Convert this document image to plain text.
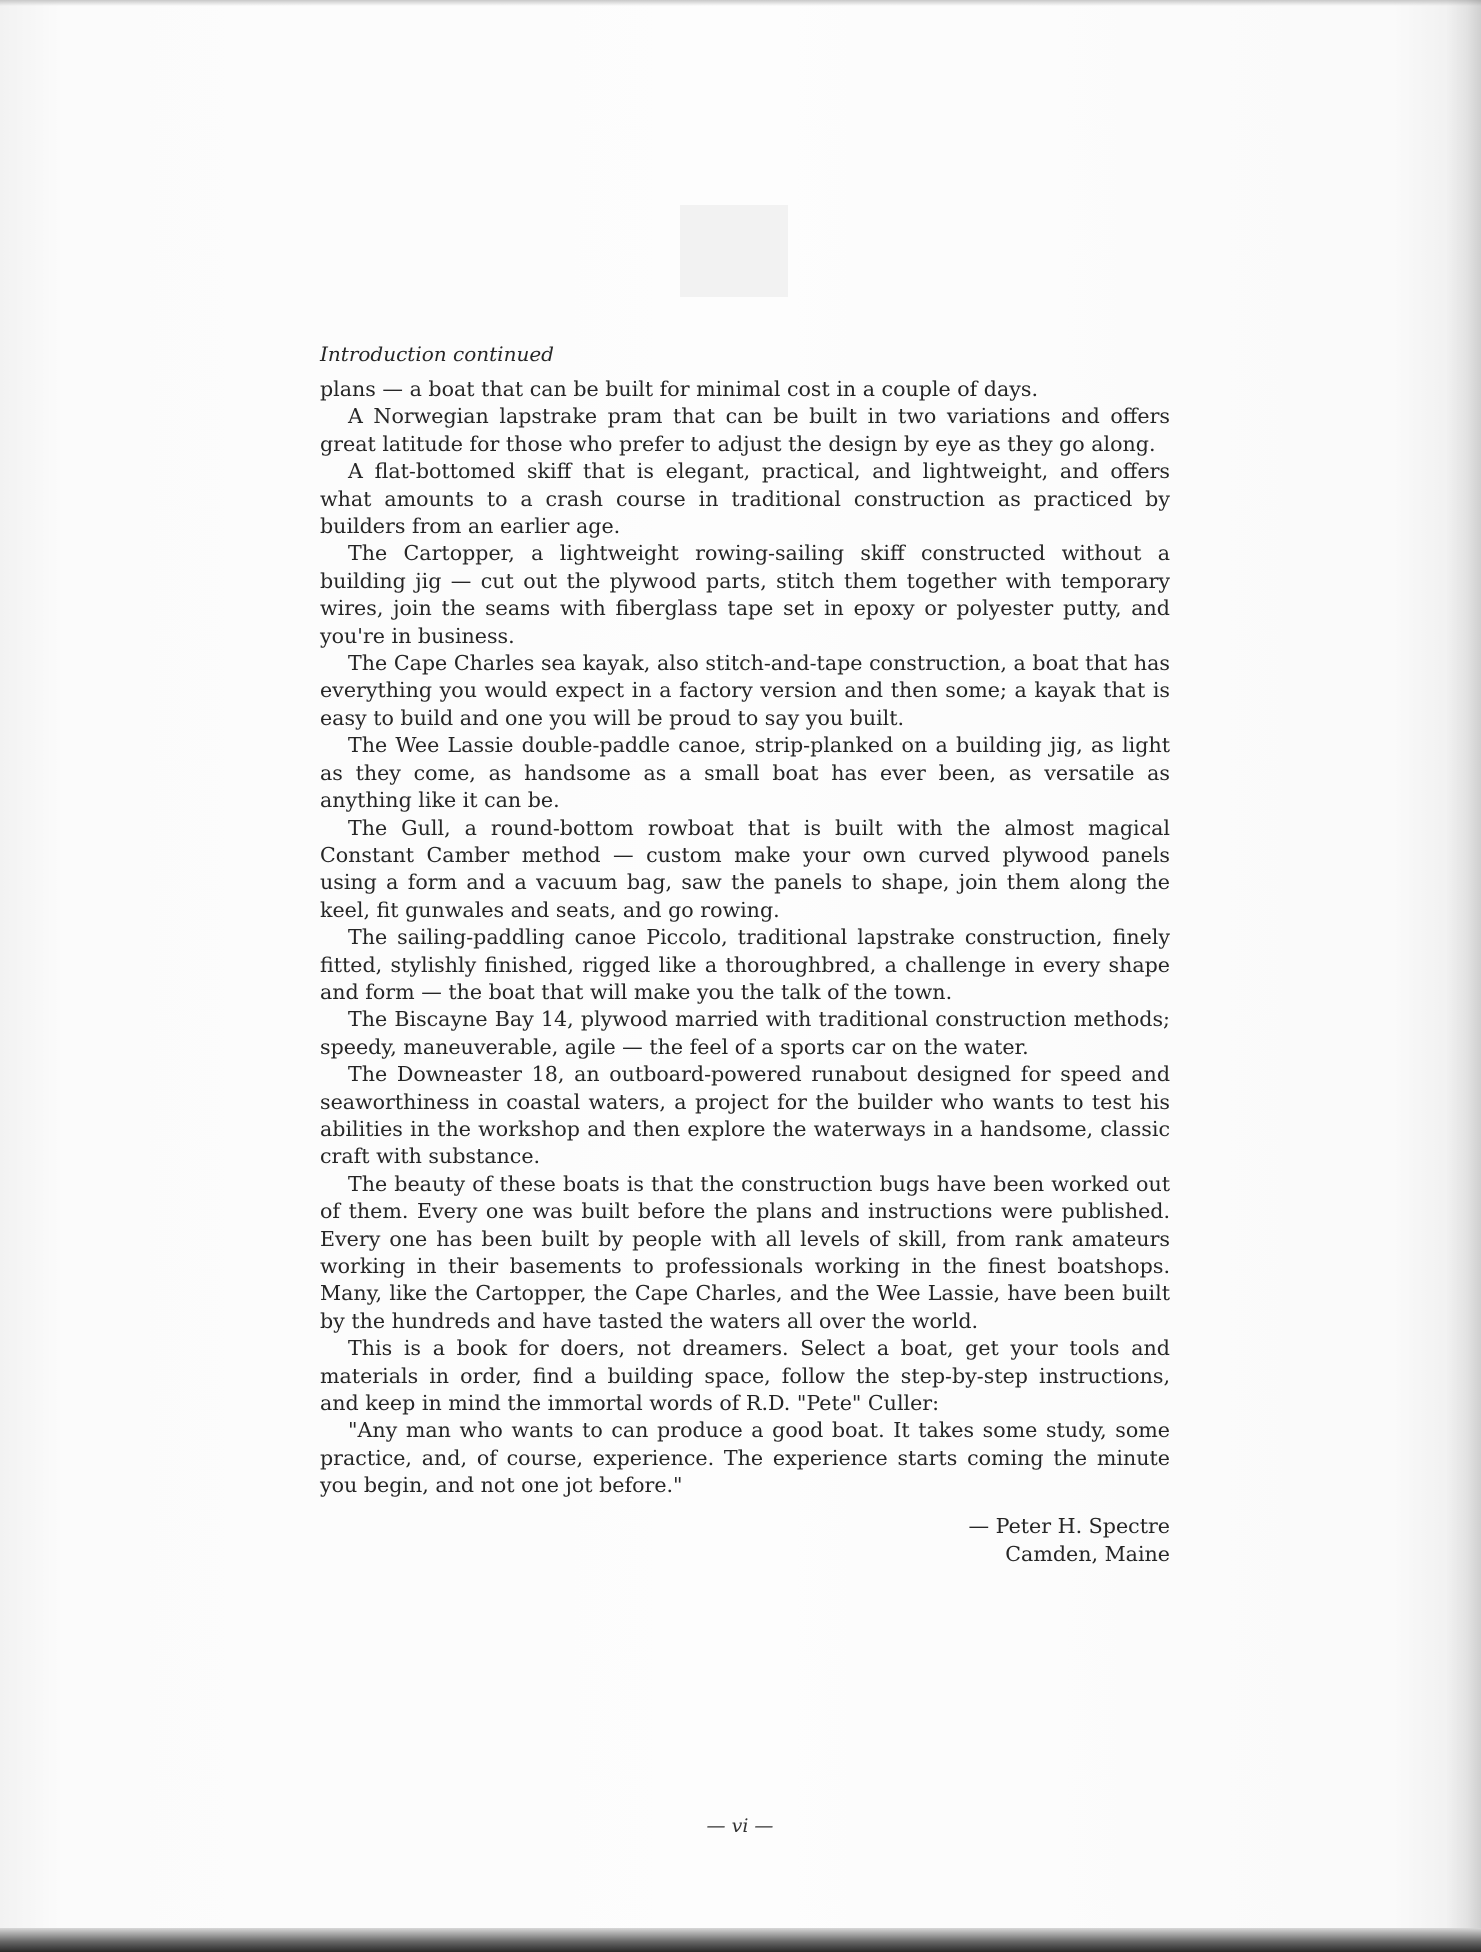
Introduction continued

plans — a boat that can be built for minimal cost in a couple of days.

A Norwegian lapstrake pram that can be built in two variations and offers great latitude for those who prefer to adjust the design by eye as they go along.

A flat-bottomed skiff that is elegant, practical, and lightweight, and offers what amounts to a crash course in traditional construction as practiced by builders from an earlier age.

The Cartopper, a lightweight rowing-sailing skiff constructed without a building jig — cut out the plywood parts, stitch them together with temporary wires, join the seams with fiberglass tape set in epoxy or polyester putty, and you're in business.

The Cape Charles sea kayak, also stitch-and-tape construction, a boat that has everything you would expect in a factory version and then some; a kayak that is easy to build and one you will be proud to say you built.

The Wee Lassie double-paddle canoe, strip-planked on a building jig, as light as they come, as handsome as a small boat has ever been, as versatile as anything like it can be.

The Gull, a round-bottom rowboat that is built with the almost magical Constant Camber method — custom make your own curved plywood panels using a form and a vacuum bag, saw the panels to shape, join them along the keel, fit gunwales and seats, and go rowing.

The sailing-paddling canoe Piccolo, traditional lapstrake construction, finely fitted, stylishly finished, rigged like a thoroughbred, a challenge in every shape and form — the boat that will make you the talk of the town.

The Biscayne Bay 14, plywood married with traditional construction methods; speedy, maneuverable, agile — the feel of a sports car on the water.

The Downeaster 18, an outboard-powered runabout designed for speed and seaworthiness in coastal waters, a project for the builder who wants to test his abilities in the workshop and then explore the waterways in a handsome, classic craft with substance.

The beauty of these boats is that the construction bugs have been worked out of them. Every one was built before the plans and instructions were published. Every one has been built by people with all levels of skill, from rank amateurs working in their basements to professionals working in the finest boatshops. Many, like the Cartopper, the Cape Charles, and the Wee Lassie, have been built by the hundreds and have tasted the waters all over the world.

This is a book for doers, not dreamers. Select a boat, get your tools and materials in order, find a building space, follow the step-by-step instructions, and keep in mind the immortal words of R.D. "Pete" Culler:

"Any man who wants to can produce a good boat. It takes some study, some practice, and, of course, experience. The experience starts coming the minute you begin, and not one jot before."

— Peter H. Spectre
Camden, Maine
— vi —
